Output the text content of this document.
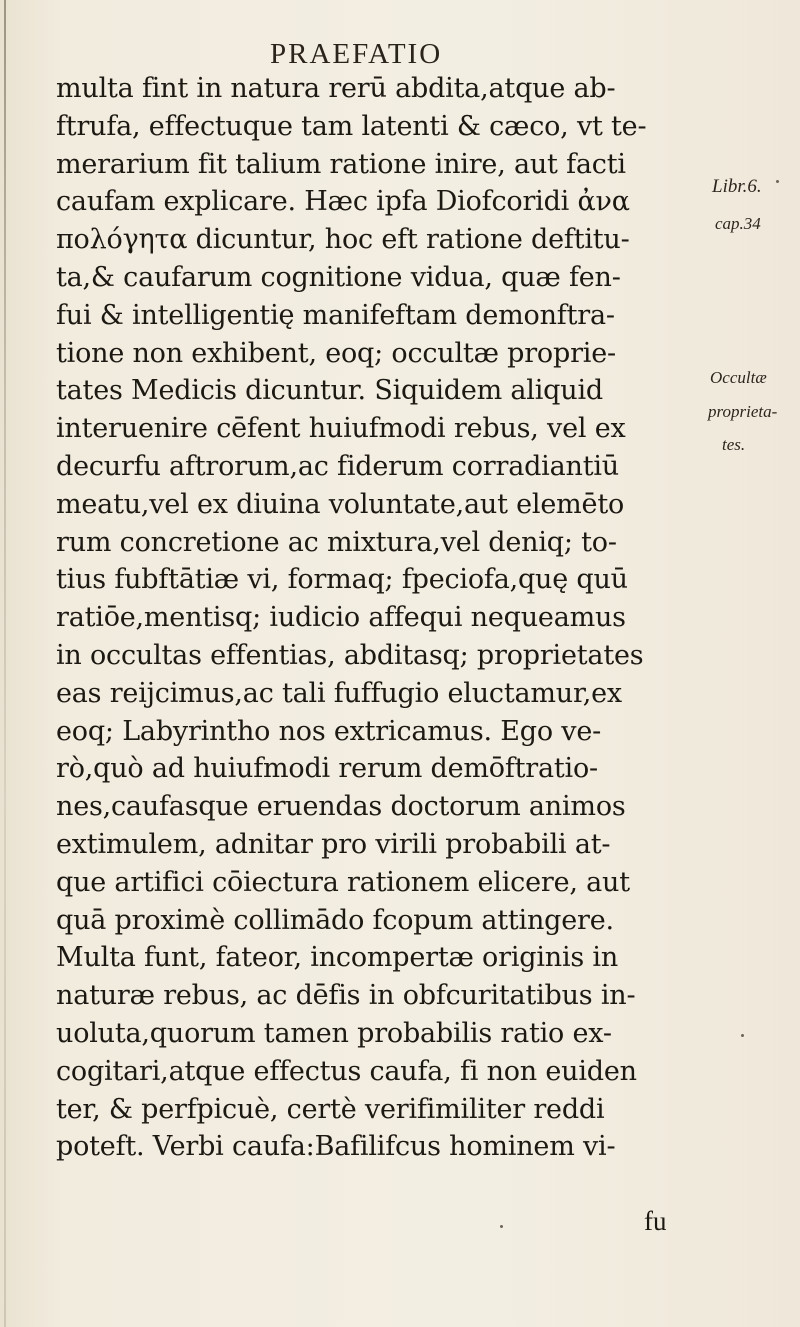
PRAEFATIO
multa fint in natura rerū abdita,atque ab-
ftrufa, effectuque tam latenti & cæco, vt te-
merarium fit talium ratione inire, aut facti
caufam explicare. Hæc ipfa Diofcoridi ἀνα
πολόγητα dicuntur, hoc eft ratione deftitu-
ta,& caufarum cognitione vidua, quæ fen-
fui & intelligentię manifeftam demonftra-
tione non exhibent, eoq; occultæ proprie-
tates Medicis dicuntur. Siquidem aliquid
interuenire cēfent huiufmodi rebus, vel ex
decurfu aftrorum,ac fiderum corradiantiū
meatu,vel ex diuina voluntate,aut elemēto
rum concretione ac mixtura,vel deniq; to-
tius fubftātiæ vi, formaq; fpeciofa,quę quū
ratiōe,mentisq; iudicio affequi nequeamus
in occultas effentias, abditasq; proprietates
eas reijcimus,ac tali fuffugio eluctamur,ex
eoq; Labyrintho nos extricamus. Ego ve-
rò,quò ad huiufmodi rerum demōftratio-
nes,caufasque eruendas doctorum animos
extimulem, adnitar pro virili probabili at-
que artifici cōiectura rationem elicere, aut
quā proximè collimādo fcopum attingere.
Multa funt, fateor, incompertæ originis in
naturæ rebus, ac dēfis in obfcuritatibus in-
uoluta,quorum tamen probabilis ratio ex-
cogitari,atque effectus caufa, fi non euiden
ter, & perfpicuè, certè verifimiliter reddi
poteft. Verbi caufa:Bafilifcus hominem vi-
fu
Libr.6.
cap.34
Occultæ
proprieta-
tes.
